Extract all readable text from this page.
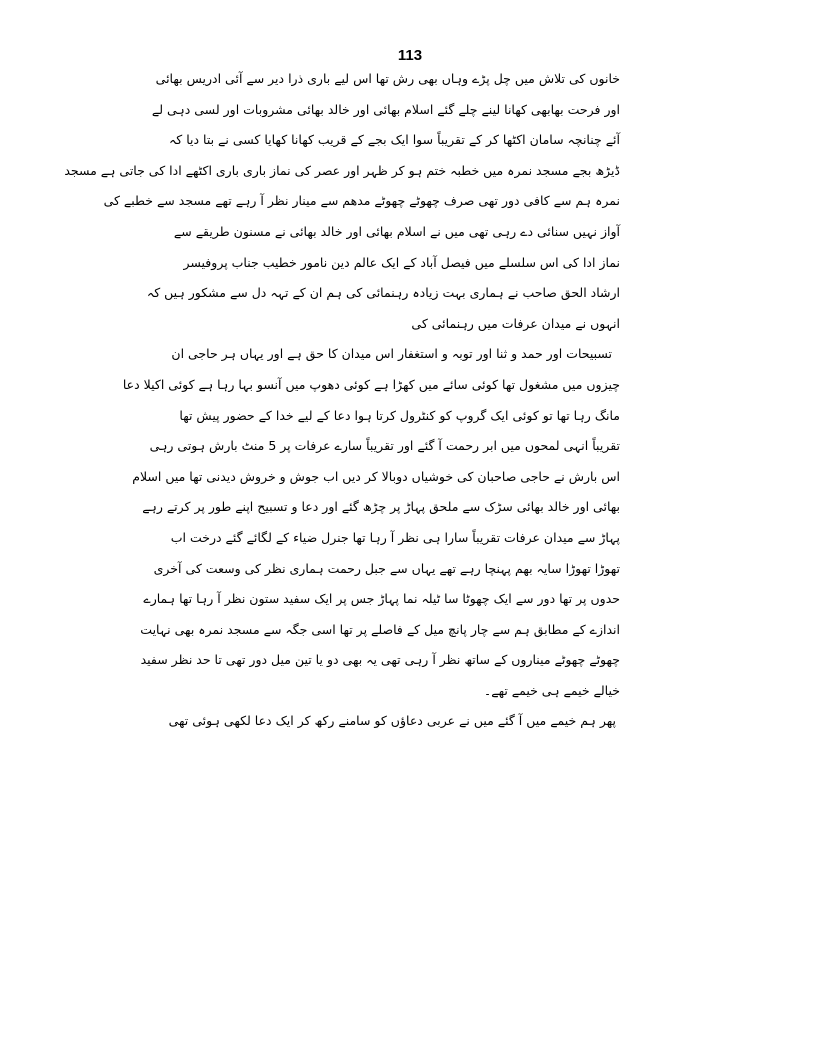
113
خانوں کی تلاش میں چل پڑے وہاں بھی رش تھا اس لیے باری ذرا دیر سے آئی ادریس بھائی
اور فرحت بھابھی کھانا لینے چلے گئے اسلام بھائی اور خالد بھائی مشروبات اور لسی دہی لے
آئے چنانچہ سامان اکٹھا کر کے تقریباً سوا ایک بجے کے قریب کھانا کھایا کسی نے بتا دیا کہ
ڈیڑھ بجے مسجد نمرہ میں خطبہ ختم ہو کر ظہر اور عصر کی نماز باری باری اکٹھے ادا کی جاتی ہے مسجد
نمرہ ہم سے کافی دور تھی صرف چھوٹے چھوٹے مدھم سے مینار نظر آ رہے تھے مسجد سے خطبے کی
آواز نہیں سنائی دے رہی تھی میں نے اسلام بھائی اور خالد بھائی نے مسنون طریقے سے
نماز ادا کی اس سلسلے میں فیصل آباد کے ایک عالم دین نامور خطیب جناب پروفیسر
ارشاد الحق صاحب نے ہماری بہت زیادہ رہنمائی کی ہم ان کے تہہ دل سے مشکور ہیں کہ
انہوں نے میدان عرفات میں رہنمائی کی
تسبیحات اور حمد و ثنا اور توبہ و استغفار اس میدان کا حق ہے اور یہاں ہر حاجی ان
چیزوں میں مشغول تھا کوئی سائے میں کھڑا ہے کوئی دھوپ میں آنسو بہا رہا ہے کوئی اکیلا دعا
مانگ رہا تھا تو کوئی ایک گروپ کو کنٹرول کرتا ہوا دعا کے لیے خدا کے حضور پیش تھا
تقریباً انہی لمحوں میں ابر رحمت آ گئے اور تقریباً سارے عرفات پر 5 منٹ بارش ہوتی رہی
اس بارش نے حاجی صاحبان کی خوشیاں دوبالا کر دیں اب جوش و خروش دیدنی تھا میں اسلام
بھائی اور خالد بھائی سڑک سے ملحق پہاڑ پر چڑھ گئے اور دعا و تسبیح اپنے طور پر کرتے رہے
پہاڑ سے میدان عرفات تقریباً سارا ہی نظر آ رہا تھا جنرل ضیاء کے لگائے گئے درخت اب
تھوڑا تھوڑا سایہ بھم پہنچا رہے تھے یہاں سے جبل رحمت ہماری نظر کی وسعت کی آخری
حدوں پر تھا دور سے ایک چھوٹا سا ٹیلہ نما پہاڑ جس پر ایک سفید ستون نظر آ رہا تھا ہمارے
اندازے کے مطابق ہم سے چار پانچ میل کے فاصلے پر تھا اسی جگہ سے مسجد نمرہ بھی نہایت
چھوٹے چھوٹے میناروں کے ساتھ نظر آ رہی تھی یہ بھی دو یا تین میل دور تھی تا حد نظر سفید
خیالے خیمے ہی خیمے تھے۔
پھر ہم خیمے میں آ گئے میں نے عربی دعاؤں کو سامنے رکھ کر ایک دعا لکھی ہوئی تھی
